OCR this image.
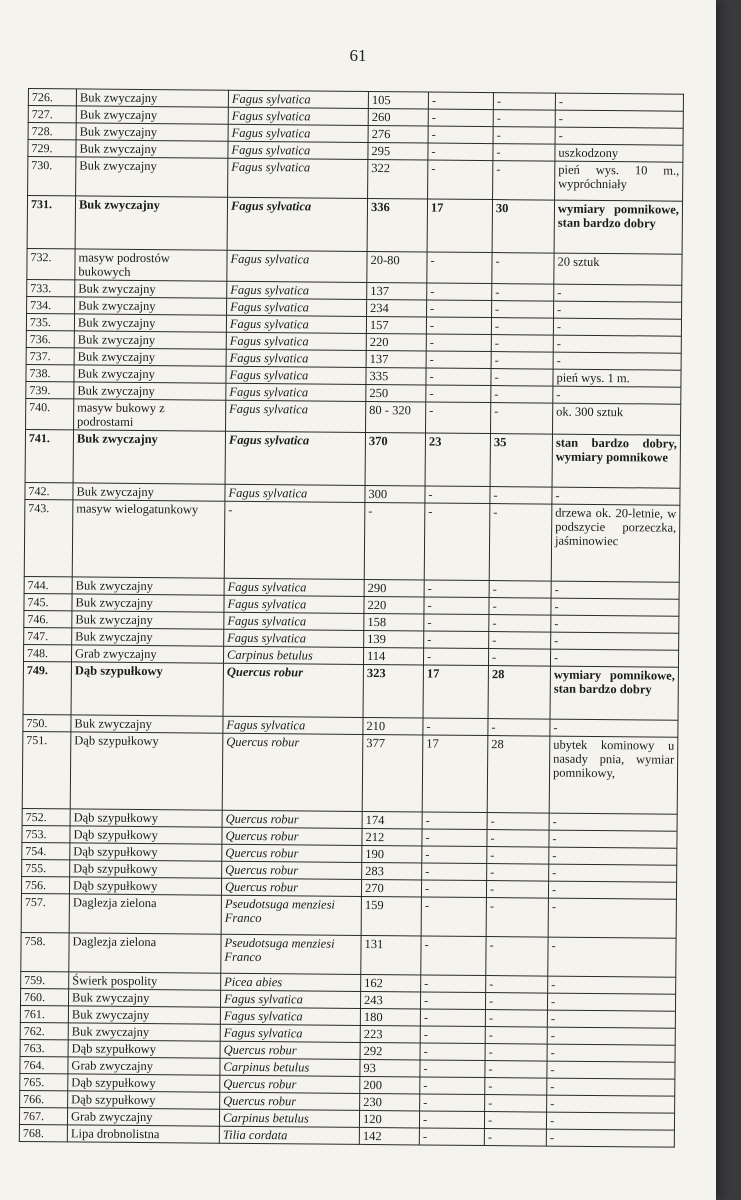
61
726.	Buk zwyczajny	Fagus sylvatica	105	-	-	-
727.	Buk zwyczajny	Fagus sylvatica	260	-	-	-
728.	Buk zwyczajny	Fagus sylvatica	276	-	-	-
729.	Buk zwyczajny	Fagus sylvatica	295	-	-	uszkodzony
730.	Buk zwyczajny	Fagus sylvatica	322	-	-	pień wys. 10 m., wypróchniały
731.	Buk zwyczajny	Fagus sylvatica	336	17	30	wymiary pomnikowe, stan bardzo dobry
732.	masyw podrostów bukowych	Fagus sylvatica	20-80	-	-	20 sztuk
733.	Buk zwyczajny	Fagus sylvatica	137	-	-	-
734.	Buk zwyczajny	Fagus sylvatica	234	-	-	-
735.	Buk zwyczajny	Fagus sylvatica	157	-	-	-
736.	Buk zwyczajny	Fagus sylvatica	220	-	-	-
737.	Buk zwyczajny	Fagus sylvatica	137	-	-	-
738.	Buk zwyczajny	Fagus sylvatica	335	-	-	pień wys. 1 m.
739.	Buk zwyczajny	Fagus sylvatica	250	-	-	-
740.	masyw bukowy z podrostami	Fagus sylvatica	80 - 320	-	-	ok. 300 sztuk
741.	Buk zwyczajny	Fagus sylvatica	370	23	35	stan bardzo dobry, wymiary pomnikowe
742.	Buk zwyczajny	Fagus sylvatica	300	-	-	-
743.	masyw wielogatunkowy	-	-	-	-	drzewa ok. 20-letnie, w podszycie porzeczka, jaśminowiec
744.	Buk zwyczajny	Fagus sylvatica	290	-	-	-
745.	Buk zwyczajny	Fagus sylvatica	220	-	-	-
746.	Buk zwyczajny	Fagus sylvatica	158	-	-	-
747.	Buk zwyczajny	Fagus sylvatica	139	-	-	-
748.	Grab zwyczajny	Carpinus betulus	114	-	-	-
749.	Dąb szypułkowy	Quercus robur	323	17	28	wymiary pomnikowe, stan bardzo dobry
750.	Buk zwyczajny	Fagus sylvatica	210	-	-	-
751.	Dąb szypułkowy	Quercus robur	377	17	28	ubytek kominowy u nasady pnia, wymiar pomnikowy,
752.	Dąb szypułkowy	Quercus robur	174	-	-	-
753.	Dąb szypułkowy	Quercus robur	212	-	-	-
754.	Dąb szypułkowy	Quercus robur	190	-	-	-
755.	Dąb szypułkowy	Quercus robur	283	-	-	-
756.	Dąb szypułkowy	Quercus robur	270	-	-	-
757.	Daglezja zielona	Pseudotsuga menziesi Franco	159	-	-	-
758.	Daglezja zielona	Pseudotsuga menziesi Franco	131	-	-	-
759.	Świerk pospolity	Picea abies	162	-	-	-
760.	Buk zwyczajny	Fagus sylvatica	243	-	-	-
761.	Buk zwyczajny	Fagus sylvatica	180	-	-	-
762.	Buk zwyczajny	Fagus sylvatica	223	-	-	-
763.	Dąb szypułkowy	Quercus robur	292	-	-	-
764.	Grab zwyczajny	Carpinus betulus	93	-	-	-
765.	Dąb szypułkowy	Quercus robur	200	-	-	-
766.	Dąb szypułkowy	Quercus robur	230	-	-	-
767.	Grab zwyczajny	Carpinus betulus	120	-	-	-
768.	Lipa drobnolistna	Tilia cordata	142	-	-	-
